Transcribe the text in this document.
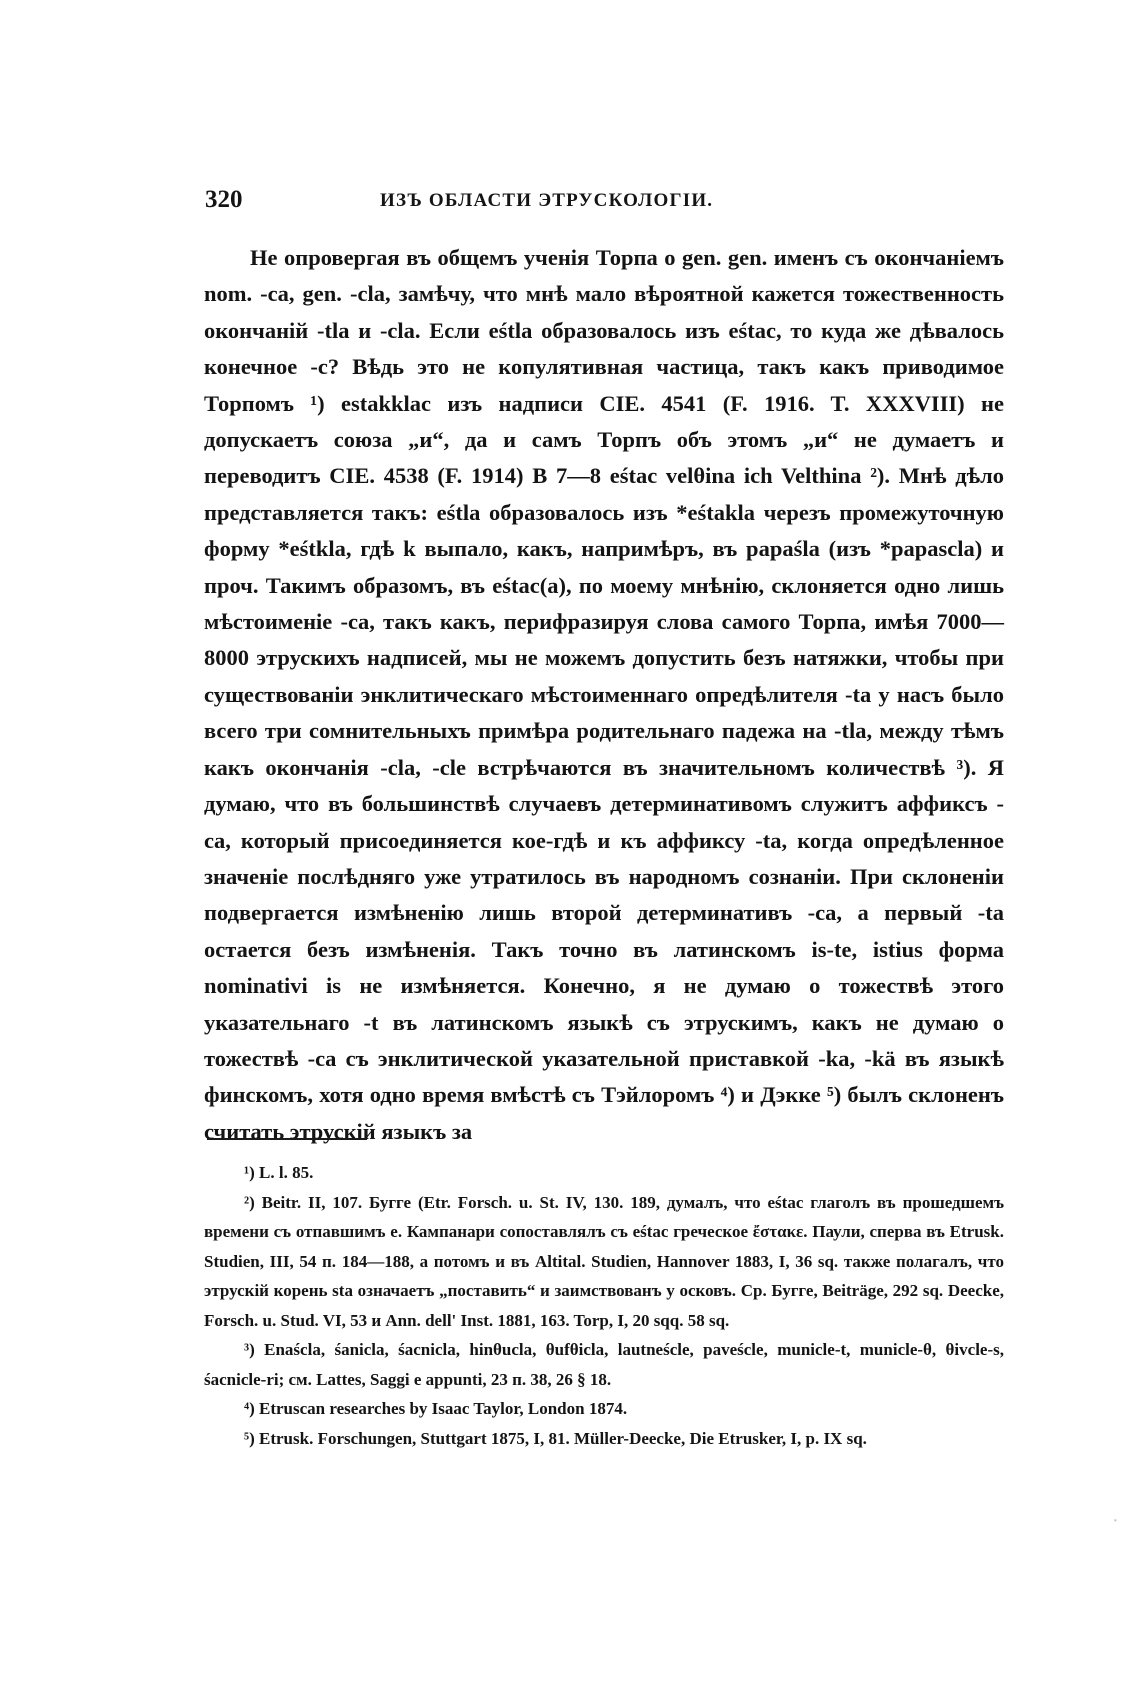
320	ИЗЪ ОБЛАСТИ ЭТРУСКОЛОГІИ.

Не опровергая въ общемъ ученія Торпа о gen. gen. именъ съ окончаніемъ nom. -ca, gen. -cla, замѣчу, что мнѣ мало вѣроятной кажется тожественность окончаній -tla и -cla. Если eśtla образовалось изъ eśtac, то куда же дѣвалось конечное -c? Вѣдь это не копулятивная частица, такъ какъ приводимое Торпомъ ¹) estakklac изъ надписи CIE. 4541 (F. 1916. T. XXXVIII) не допускаетъ союза „и“, да и самъ Торпъ объ этомъ „и“ не думаетъ и переводитъ CIE. 4538 (F. 1914) B 7—8 eśtac velθina ich Velthina ²). Мнѣ дѣло представляется такъ: eśtla образовалось изъ *eśtakla черезъ промежуточную форму *eśtkla, гдѣ k выпало, какъ, напримѣръ, въ papaśla (изъ *papascla) и проч. Такимъ образомъ, въ eśtac(a), по моему мнѣнію, склоняется одно лишь мѣстоименіе -ca, такъ какъ, перифразируя слова самого Торпа, имѣя 7000—8000 этрускихъ надписей, мы не можемъ допустить безъ натяжки, чтобы при существованіи энклитическаго мѣстоименнаго опредѣлителя -ta у насъ было всего три сомнительныхъ примѣра родительнаго падежа на -tla, между тѣмъ какъ окончанія -cla, -cle встрѣчаются въ значительномъ количествѣ ³). Я думаю, что въ большинствѣ случаевъ детерминативомъ служитъ аффиксъ -ca, который присоединяется кое-гдѣ и къ аффиксу -ta, когда опредѣленное значеніе послѣдняго уже утратилось въ народномъ сознаніи. При склоненіи подвергается измѣненію лишь второй детерминативъ -ca, а первый -ta остается безъ измѣненія. Такъ точно въ латинскомъ is-te, istius форма nominativi is не измѣняется. Конечно, я не думаю о тожествѣ этого указательнаго -t въ латинскомъ языкѣ съ этрускимъ, какъ не думаю о тожествѣ -ca съ энклитической указательной приставкой -ka, -kä въ языкѣ финскомъ, хотя одно время вмѣстѣ съ Тэйлоромъ ⁴) и Дэкке ⁵) былъ склоненъ считать этрускій языкъ за

¹) L. l. 85.

²) Beitr. II, 107. Бугге (Etr. Forsch. u. St. IV, 130. 189, думалъ, что eśtac глаголъ въ прошедшемъ времени съ отпавшимъ e. Кампанари сопоставлялъ съ eśtac греческое ἔστακε. Паули, сперва въ Etrusk. Studien, III, 54 п. 184—188, а потомъ и въ Altital. Studien, Hannover 1883, I, 36 sq. также полагалъ, что этрускій корень sta означаетъ „поставить“ и заимствованъ у осковъ. Ср. Бугге, Beiträge, 292 sq. Deecke, Forsch. u. Stud. VI, 53 и Ann. dell' Inst. 1881, 163. Torp, I, 20 sqq. 58 sq.

³) Enaścla, śanicla, śacnicla, hinθucla, θufθicla, lautneścle, paveścle, municle-t, municle-θ, θivcle-s, śacnicle-ri; см. Lattes, Saggi e appunti, 23 п. 38, 26 § 18.

⁴) Etruscan researches by Isaac Taylor, London 1874.

⁵) Etrusk. Forschungen, Stuttgart 1875, I, 81. Müller-Deecke, Die Etrusker, I, p. IX sq.

·
